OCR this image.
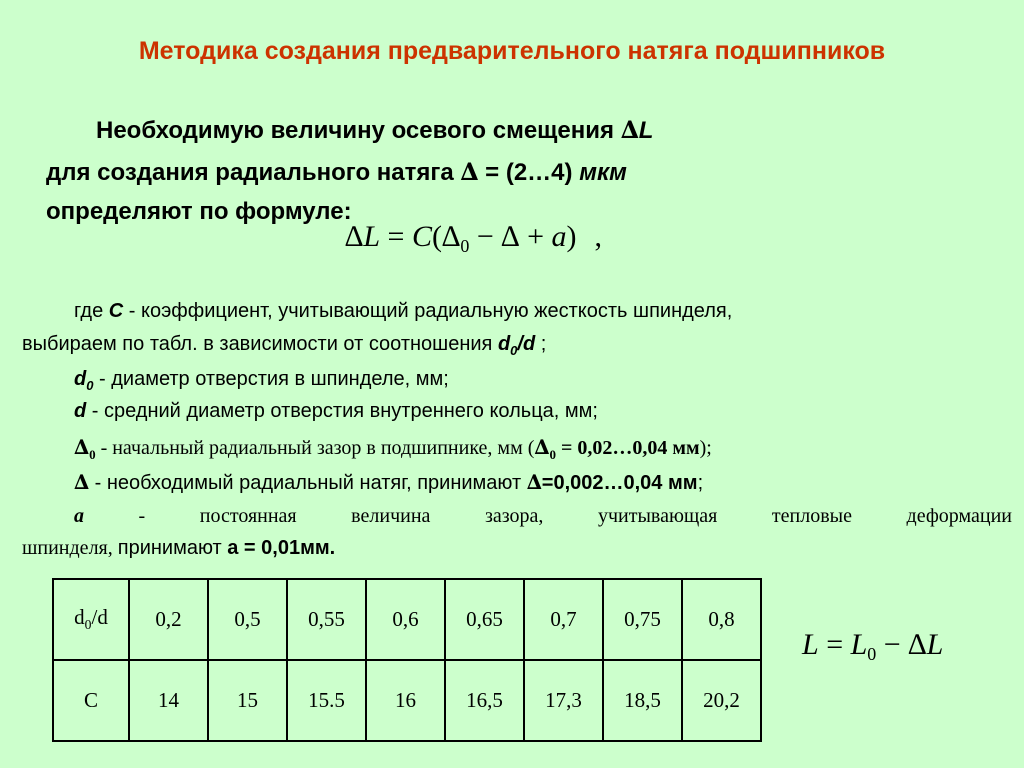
Методика создания предварительного натяга подшипников
Необходимую величину осевого смещения ∆L
для создания радиального натяга ∆ = (2…4) мкм
определяют по формуле:
$\Delta L = C(\Delta_0$ − ∆ + a) ,
где С - коэффициент, учитывающий радиальную жесткость шпинделя,
выбираем по табл. в зависимости от соотношения $d_0/d$ ;
$d_0$ - диаметр отверстия в шпинделе, мм;
d - средний диаметр отверстия внутреннего кольца, мм;
$\Delta_0$ - начальный радиальный зазор в подшипнике, мм ($\Delta_0$ = 0,02…0,04 мм);
∆ - необходимый радиальный натяг, принимают ∆=0,002…0,04 мм;
а - постоянная величина зазора, учитывающая тепловые деформации
шпинделя, принимают а = 0,01мм.
$d_0/d$	0,2	0,5	0,55	0,6	0,65	0,7	0,75	0,8
C	14	15	15.5	16	16,5	17,3	18,5	20,2
$L = L_0 - \Delta L$
